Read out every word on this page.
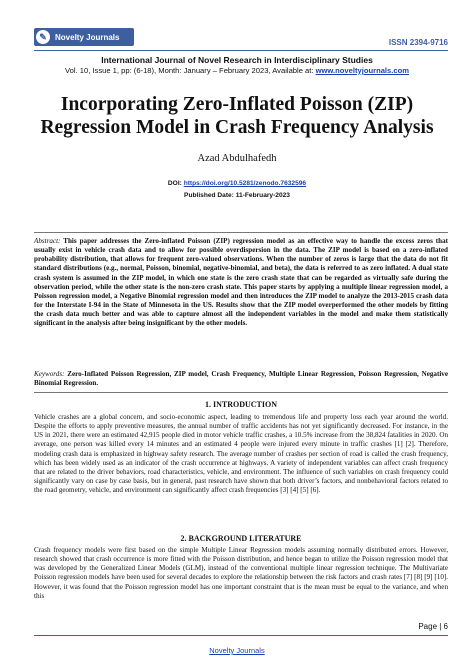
✎	Novelty Journals
ISSN 2394-9716
International Journal of Novel Research in Interdisciplinary Studies
Vol. 10, Issue 1, pp: (6-18), Month: January – February 2023, Available at: www.noveltyjournals.com
Incorporating Zero-Inflated Poisson (ZIP) Regression Model in Crash Frequency Analysis
Azad Abdulhafedh
DOI: https://doi.org/10.5281/zenodo.7632596
Published Date: 11-February-2023
Abstract: This paper addresses the Zero-inflated Poisson (ZIP) regression model as an effective way to handle the excess zeros that usually exist in vehicle crash data and to allow for possible overdispersion in the data. The ZIP model is based on a zero-inflated probability distribution, that allows for frequent zero-valued observations. When the number of zeros is large that the data do not fit standard distributions (e.g., normal, Poisson, binomial, negative-binomial, and beta), the data is referred to as zero inflated. A dual state crash system is assumed in the ZIP model, in which one state is the zero crash state that can be regarded as virtually safe during the observation period, while the other state is the non-zero crash state. This paper starts by applying a multiple linear regression model, a Poisson regression model, a Negative Binomial regression model and then introduces the ZIP model to analyze the 2013-2015 crash data for the Interstate I-94 in the State of Minnesota in the US. Results show that the ZIP model overperformed the other models by fitting the crash data much better and was able to capture almost all the independent variables in the model and make them statistically significant in the analysis after being insignificant by the other models.
Keywords: Zero-Inflated Poisson Regression, ZIP model, Crash Frequency, Multiple Linear Regression, Poisson Regression, Negative Binomial Regression.
1. INTRODUCTION
Vehicle crashes are a global concern, and socio-economic aspect, leading to tremendous life and property loss each year around the world. Despite the efforts to apply preventive measures, the annual number of traffic accidents has not yet significantly decreased. For instance, in the US in 2021, there were an estimated 42,915 people died in motor vehicle traffic crashes, a 10.5% increase from the 38,824 fatalities in 2020. On average, one person was killed every 14 minutes and an estimated 4 people were injured every minute in traffic crashes [1] [2]. Therefore, modeling crash data is emphasized in highway safety research. The average number of crashes per section of road is called the crash frequency, which has been widely used as an indicator of the crash occurrence at highways. A variety of independent variables can affect crash frequency that are related to the driver behaviors, road characteristics, vehicle, and environment. The influence of such variables on crash frequency could significantly vary on case by case basis, but in general, past research have shown that both driver’s factors, and nonbehavioral factors related to the road geometry, vehicle, and environment can significantly affect crash frequencies [3] [4] [5] [6].
2. BACKGROUND LITERATURE
Crash frequency models were first based on the simple Multiple Linear Regression models assuming normally distributed errors. However, research showed that crash occurrence is more fitted with the Poisson distribution, and hence began to utilize the Poisson regression model that was developed by the Generalized Linear Models (GLM), instead of the conventional multiple linear regression technique. The Multivariate Poisson regression models have been used for several decades to explore the relationship between the risk factors and crash rates [7] [8] [9] [10]. However, it was found that the Poisson regression model has one important constraint that is the mean must be equal to the variance, and when this
Page | 6
Novelty Journals
